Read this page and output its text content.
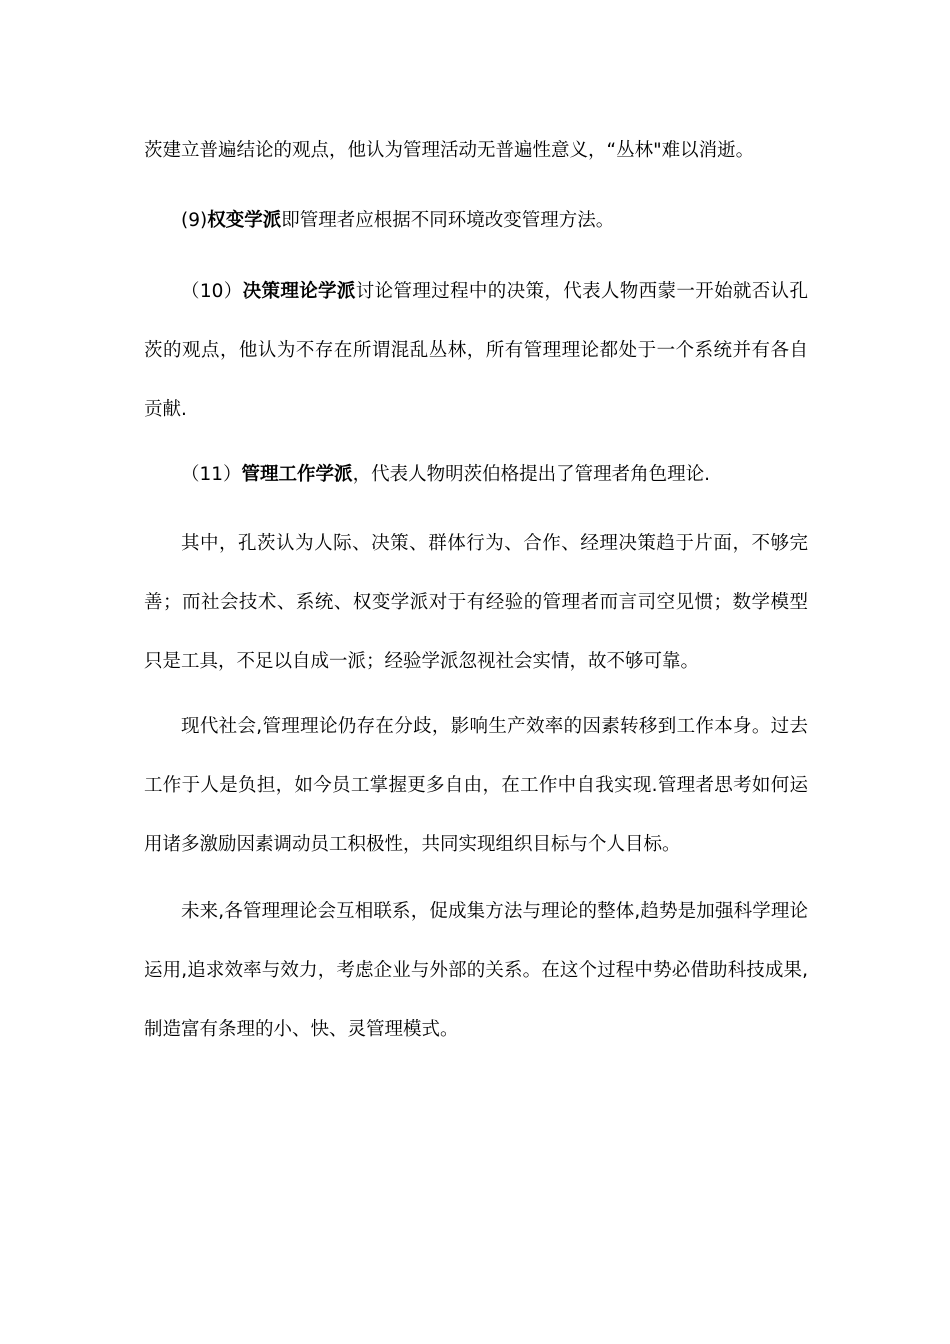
茨建立普遍结论的观点，他认为管理活动无普遍性意义，“丛林"难以消逝。

(9)权变学派即管理者应根据不同环境改变管理方法。

（10）决策理论学派讨论管理过程中的决策，代表人物西蒙一开始就否认孔茨的观点，他认为不存在所谓混乱丛林，所有管理理论都处于一个系统并有各自贡献.

（11）管理工作学派，代表人物明茨伯格提出了管理者角色理论.

其中，孔茨认为人际、决策、群体行为、合作、经理决策趋于片面，不够完善；而社会技术、系统、权变学派对于有经验的管理者而言司空见惯；数学模型只是工具，不足以自成一派；经验学派忽视社会实情，故不够可靠。

现代社会,管理理论仍存在分歧，影响生产效率的因素转移到工作本身。过去工作于人是负担，如今员工掌握更多自由，在工作中自我实现.管理者思考如何运用诸多激励因素调动员工积极性，共同实现组织目标与个人目标。

未来,各管理理论会互相联系，促成集方法与理论的整体,趋势是加强科学理论运用,追求效率与效力，考虑企业与外部的关系。在这个过程中势必借助科技成果,制造富有条理的小、快、灵管理模式。
